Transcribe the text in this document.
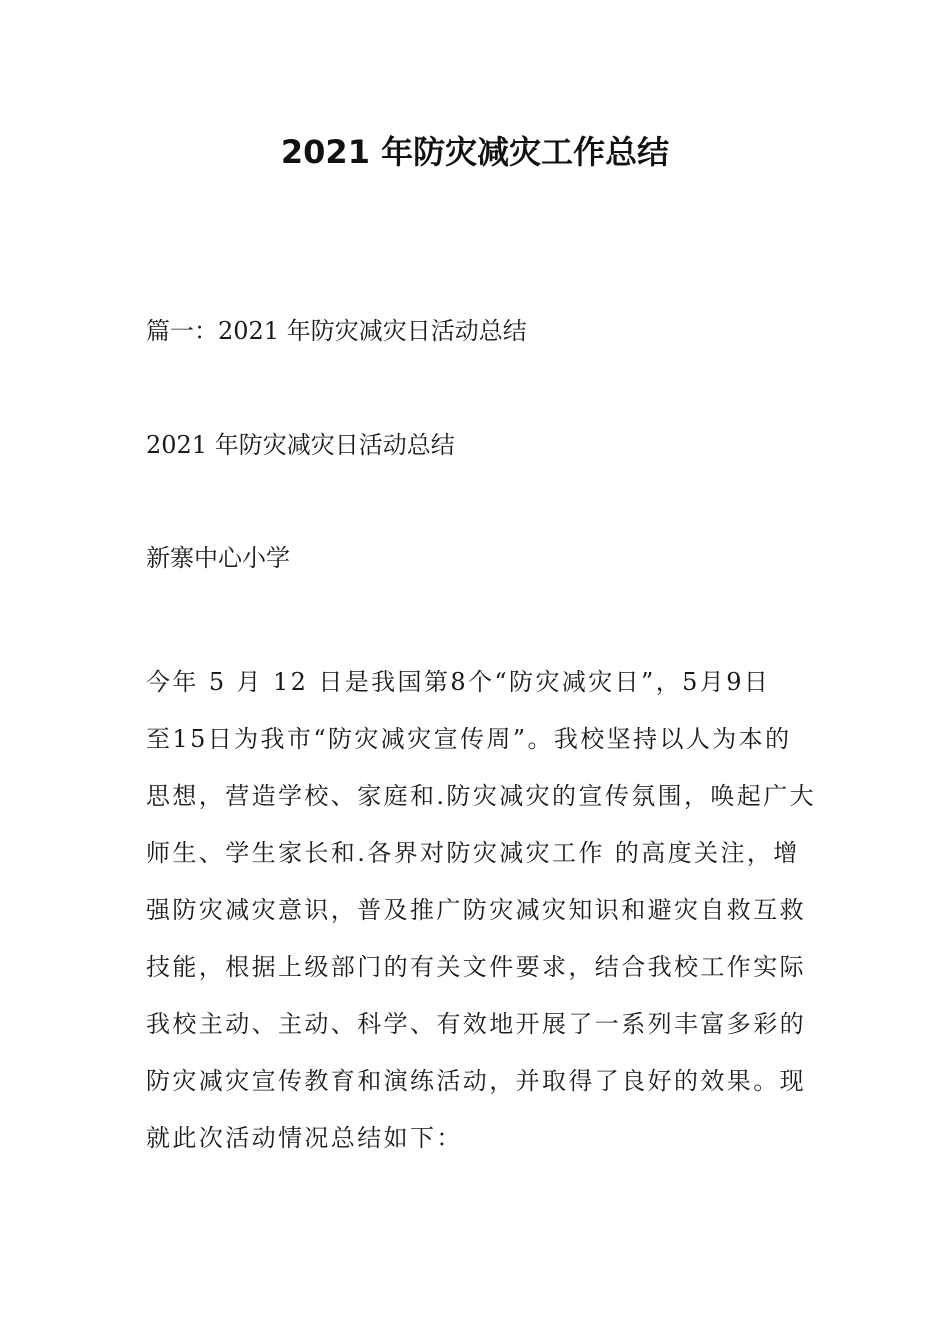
2021 年防灾减灾工作总结
篇一：2021 年防灾减灾日活动总结
2021 年防灾减灾日活动总结
新寨中心小学
今年 5 月 12 日是我国第8个“防灾减灾日”，5月9日
至15日为我市“防灾减灾宣传周”。我校坚持以人为本的
思想，营造学校、家庭和.防灾减灾的宣传氛围，唤起广大
师生、学生家长和.各界对防灾减灾工作 的高度关注，增
强防灾减灾意识，普及推广防灾减灾知识和避灾自救互救
技能，根据上级部门的有关文件要求，结合我校工作实际
我校主动、主动、科学、有效地开展了一系列丰富多彩的
防灾减灾宣传教育和演练活动，并取得了良好的效果。现
就此次活动情况总结如下：
